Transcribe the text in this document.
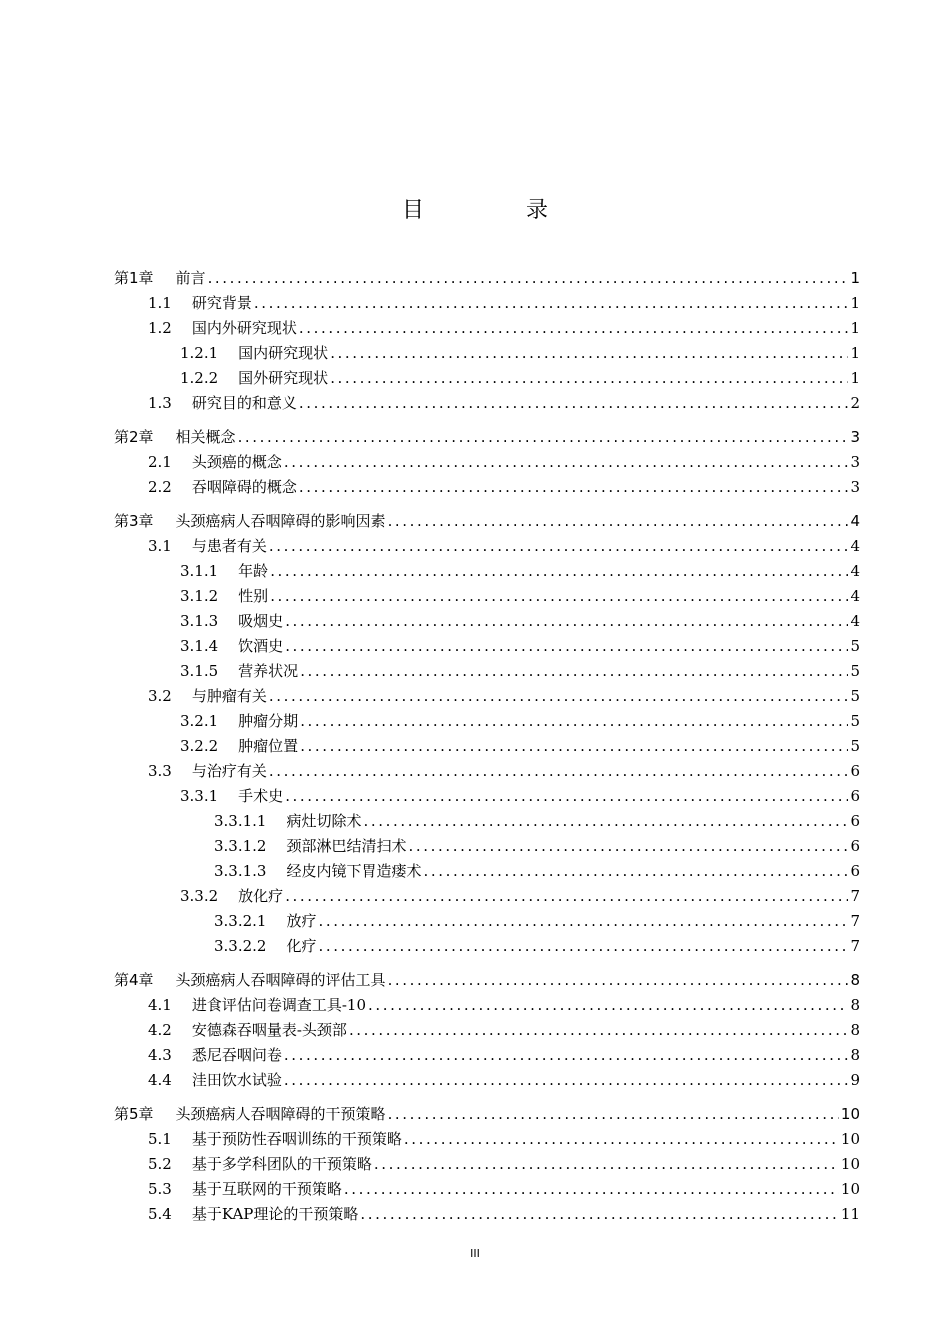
目　录
第1章 前言 .....	1
1.1 研究背景 .....	1
1.2 国内外研究现状 .....	1
1.2.1 国内研究现状 .....	1
1.2.2 国外研究现状 .....	1
1.3 研究目的和意义 .....	2
第2章 相关概念 .....	3
2.1 头颈癌的概念 .....	3
2.2 吞咽障碍的概念 .....	3
第3章 头颈癌病人吞咽障碍的影响因素 .....	4
3.1 与患者有关 .....	4
3.1.1 年龄 .....	4
3.1.2 性别 .....	4
3.1.3 吸烟史 .....	4
3.1.4 饮酒史 .....	5
3.1.5 营养状况 .....	5
3.2 与肿瘤有关 .....	5
3.2.1 肿瘤分期 .....	5
3.2.2 肿瘤位置 .....	5
3.3 与治疗有关 .....	6
3.3.1 手术史 .....	6
3.3.1.1 病灶切除术 .....	6
3.3.1.2 颈部淋巴结清扫术 .....	6
3.3.1.3 经皮内镜下胃造瘘术 .....	6
3.3.2 放化疗 .....	7
3.3.2.1 放疗 .....	7
3.3.2.2 化疗 .....	7
第4章 头颈癌病人吞咽障碍的评估工具 .....	8
4.1 进食评估问卷调查工具-10 .....	8
4.2 安德森吞咽量表-头颈部 .....	8
4.3 悉尼吞咽问卷 .....	8
4.4 洼田饮水试验 .....	9
第5章 头颈癌病人吞咽障碍的干预策略 .....	10
5.1 基于预防性吞咽训练的干预策略 .....	10
5.2 基于多学科团队的干预策略 .....	10
5.3 基于互联网的干预策略 .....	10
5.4 基于KAP理论的干预策略 .....	11
III
